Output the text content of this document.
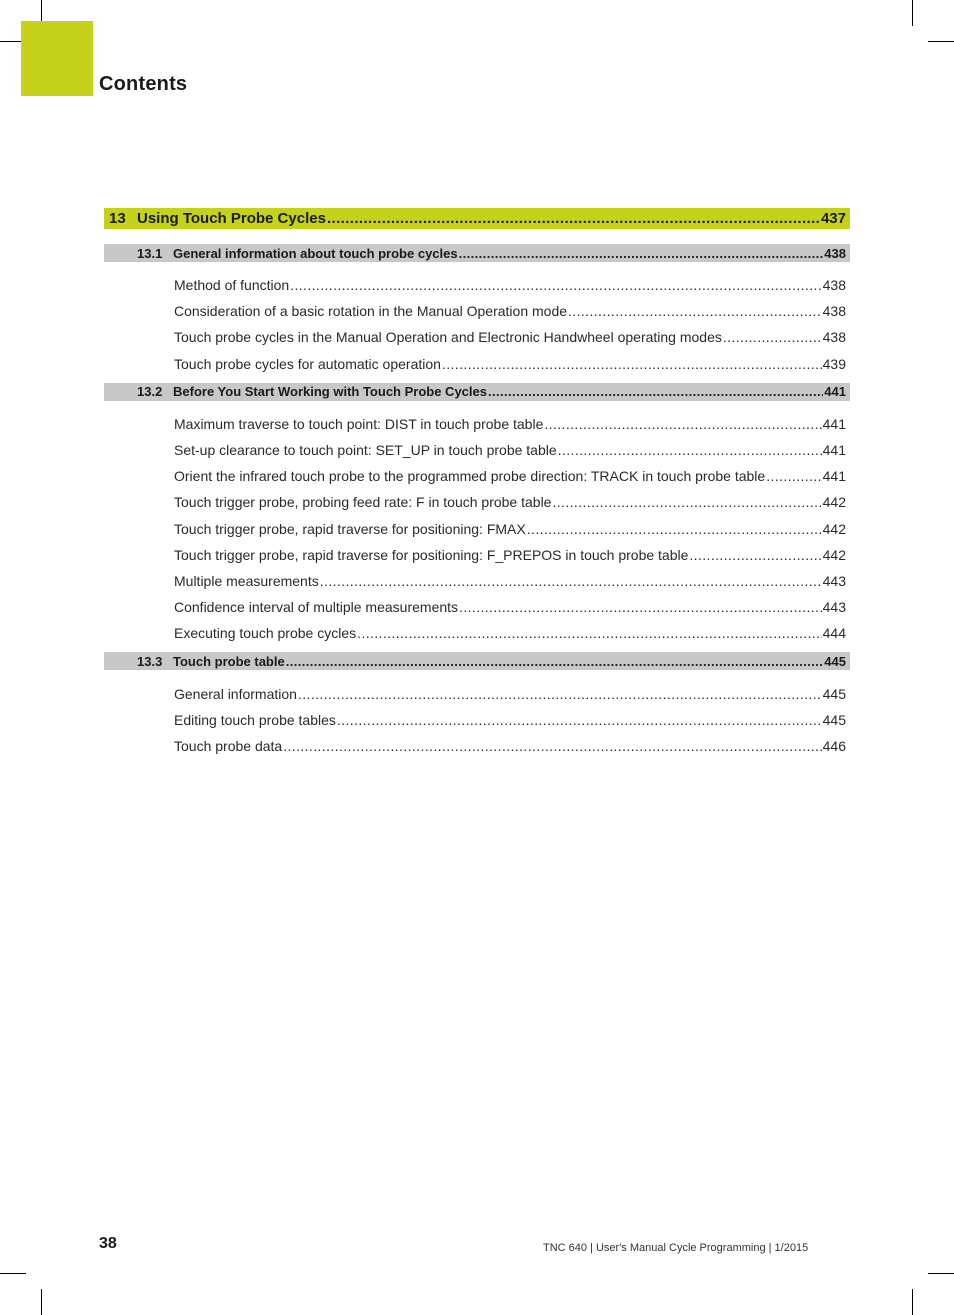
Contents
13 Using Touch Probe Cycles .....	437
13.1 General information about touch probe cycles .....	438
Method of function .....	438
Consideration of a basic rotation in the Manual Operation mode .....	438
Touch probe cycles in the Manual Operation and Electronic Handwheel operating modes .....	438
Touch probe cycles for automatic operation .....	439
13.2 Before You Start Working with Touch Probe Cycles .....	441
Maximum traverse to touch point: DIST in touch probe table .....	441
Set-up clearance to touch point: SET_UP in touch probe table .....	441
Orient the infrared touch probe to the programmed probe direction: TRACK in touch probe table .....	441
Touch trigger probe, probing feed rate: F in touch probe table .....	442
Touch trigger probe, rapid traverse for positioning: FMAX .....	442
Touch trigger probe, rapid traverse for positioning: F_PREPOS in touch probe table .....	442
Multiple measurements .....	443
Confidence interval of multiple measurements .....	443
Executing touch probe cycles .....	444
13.3 Touch probe table .....	445
General information .....	445
Editing touch probe tables .....	445
Touch probe data .....	446
38	TNC 640 | User's Manual Cycle Programming | 1/2015
